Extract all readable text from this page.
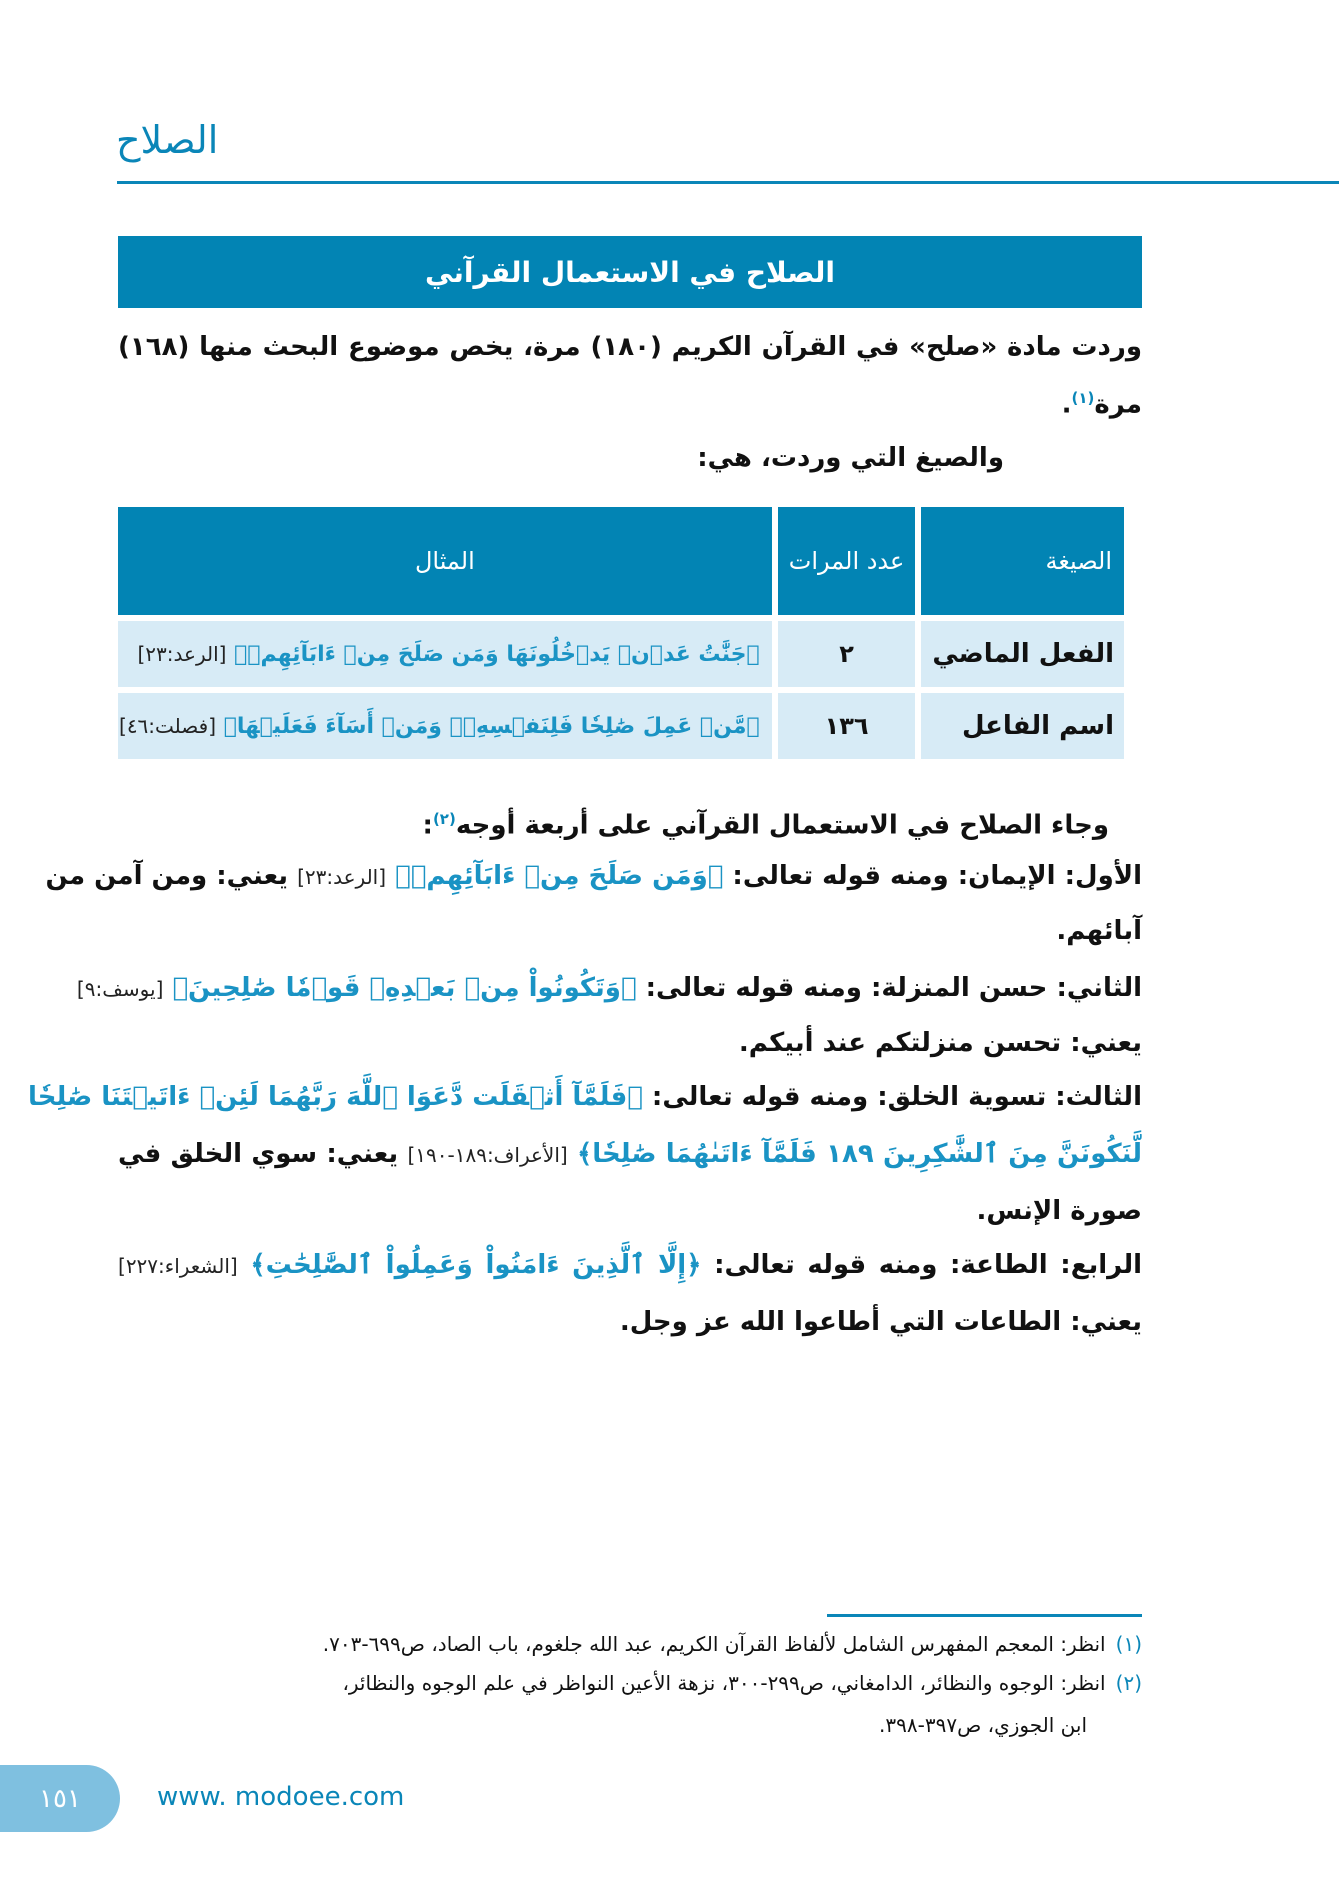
الصلاح
الصلاح في الاستعمال القرآني
وردت مادة «صلح» في القرآن الكريم (١٨٠) مرة، يخص موضوع البحث منها (١٦٨)
مرة$^{(١)}$.
والصيغ التي وردت، هي:
الصيغة	عدد المرات	المثال
الفعل الماضي	٢	﴿جَنَّٰتُ عَدۡنٖ يَدۡخُلُونَهَا وَمَن صَلَحَ مِنۡ ءَابَآئِهِمۡ﴾ [الرعد:٢٣]
اسم الفاعل	١٣٦	﴿مَّنۡ عَمِلَ صَٰلِحٗا فَلِنَفۡسِهِۦۖ وَمَنۡ أَسَآءَ فَعَلَيۡهَا﴾ [فصلت:٤٦]
وجاء الصلاح في الاستعمال القرآني على أربعة أوجه$^{(٢)}$:
الأول: الإيمان: ومنه قوله تعالى: ﴿وَمَن صَلَحَ مِنۡ ءَابَآئِهِمۡ﴾ [الرعد:٢٣] يعني: ومن آمن من
آبائهم.
الثاني: حسن المنزلة: ومنه قوله تعالى: ﴿وَتَكُونُواْ مِنۢ بَعۡدِهِۦ قَوۡمٗا صَٰلِحِينَ﴾ [يوسف:٩]
يعني: تحسن منزلتكم عند أبيكم.
الثالث: تسوية الخلق: ومنه قوله تعالى: ﴿فَلَمَّآ أَثۡقَلَت دَّعَوَا ٱللَّهَ رَبَّهُمَا لَئِنۡ ءَاتَيۡتَنَا صَٰلِحٗا
لَّنَكُونَنَّ مِنَ ٱلشَّٰكِرِينَ ١٨٩ فَلَمَّآ ءَاتَىٰهُمَا صَٰلِحٗا﴾ [الأعراف:١٨٩-١٩٠] يعني: سوي الخلق في
صورة الإنس.
الرابع: الطاعة: ومنه قوله تعالى: ﴿إِلَّا ٱلَّذِينَ ءَامَنُواْ وَعَمِلُواْ ٱلصَّٰلِحَٰتِ﴾ [الشعراء:٢٢٧]
يعني: الطاعات التي أطاعوا الله عز وجل.
(١)انظر: المعجم المفهرس الشامل لألفاظ القرآن الكريم، عبد الله جلغوم، باب الصاد، ص٦٩٩-٧٠٣.
(٢)انظر: الوجوه والنظائر، الدامغاني، ص٢٩٩-٣٠٠، نزهة الأعين النواظر في علم الوجوه والنظائر،
ابن الجوزي، ص٣٩٧-٣٩٨.
١٥١	www. modoee.com
